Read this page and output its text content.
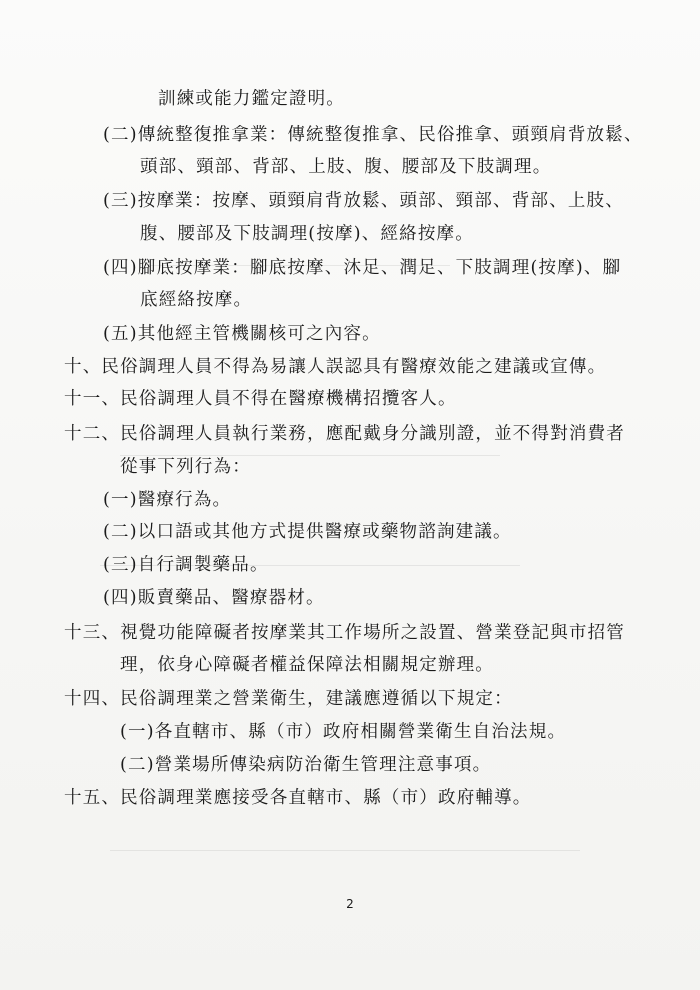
訓練或能力鑑定證明。
(二)傳統整復推拿業：傳統整復推拿、民俗推拿、頭頸肩背放鬆、
頭部、頸部、背部、上肢、腹、腰部及下肢調理。
(三)按摩業：按摩、頭頸肩背放鬆、頭部、頸部、背部、上肢、
腹、腰部及下肢調理(按摩)、經絡按摩。
(四)腳底按摩業：腳底按摩、沐足、潤足、下肢調理(按摩)、腳
底經絡按摩。
(五)其他經主管機關核可之內容。
十、民俗調理人員不得為易讓人誤認具有醫療效能之建議或宣傳。
十一、民俗調理人員不得在醫療機構招攬客人。
十二、民俗調理人員執行業務，應配戴身分識別證，並不得對消費者
從事下列行為：
(一)醫療行為。
(二)以口語或其他方式提供醫療或藥物諮詢建議。
(三)自行調製藥品。
(四)販賣藥品、醫療器材。
十三、視覺功能障礙者按摩業其工作場所之設置、營業登記與市招管
理，依身心障礙者權益保障法相關規定辦理。
十四、民俗調理業之營業衛生，建議應遵循以下規定：
(一)各直轄市、縣（市）政府相關營業衛生自治法規。
(二)營業場所傳染病防治衛生管理注意事項。
十五、民俗調理業應接受各直轄市、縣（市）政府輔導。
2
